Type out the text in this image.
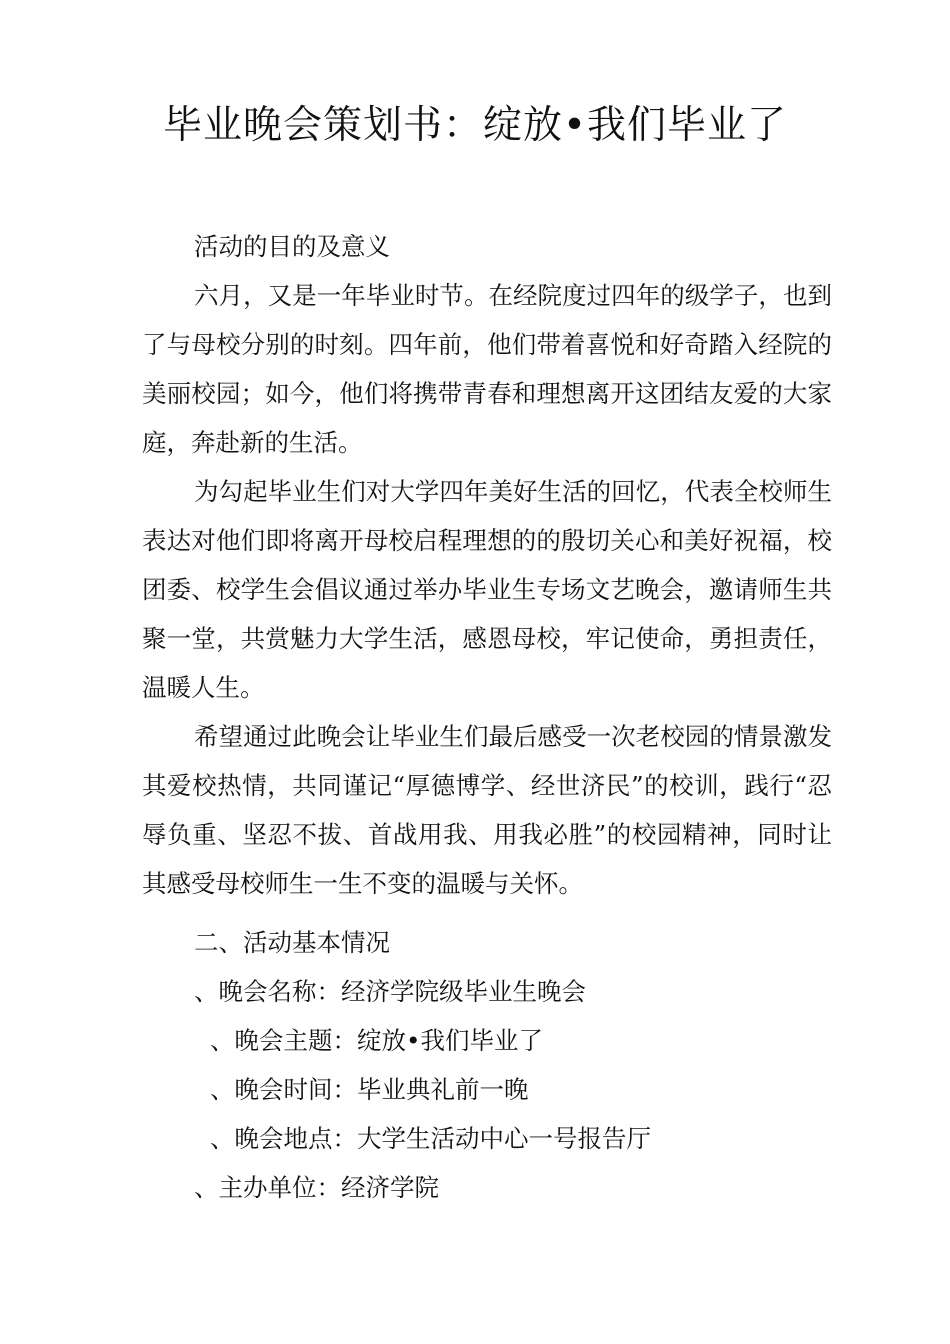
毕业晚会策划书：绽放•我们毕业了

活动的目的及意义

六月，又是一年毕业时节。在经院度过四年的级学子，也到了与母校分别的时刻。四年前，他们带着喜悦和好奇踏入经院的美丽校园；如今，他们将携带青春和理想离开这团结友爱的大家庭，奔赴新的生活。

为勾起毕业生们对大学四年美好生活的回忆，代表全校师生表达对他们即将离开母校启程理想的的殷切关心和美好祝福，校团委、校学生会倡议通过举办毕业生专场文艺晚会，邀请师生共聚一堂，共赏魅力大学生活，感恩母校，牢记使命，勇担责任，温暖人生。

希望通过此晚会让毕业生们最后感受一次老校园的情景激发其爱校热情，共同谨记“厚德博学、经世济民”的校训，践行“忍辱负重、坚忍不拔、首战用我、用我必胜”的校园精神，同时让其感受母校师生一生不变的温暖与关怀。

二、活动基本情况

、晚会名称：经济学院级毕业生晚会

、晚会主题：绽放•我们毕业了

、晚会时间：毕业典礼前一晚

、晚会地点：大学生活动中心一号报告厅

、主办单位：经济学院
